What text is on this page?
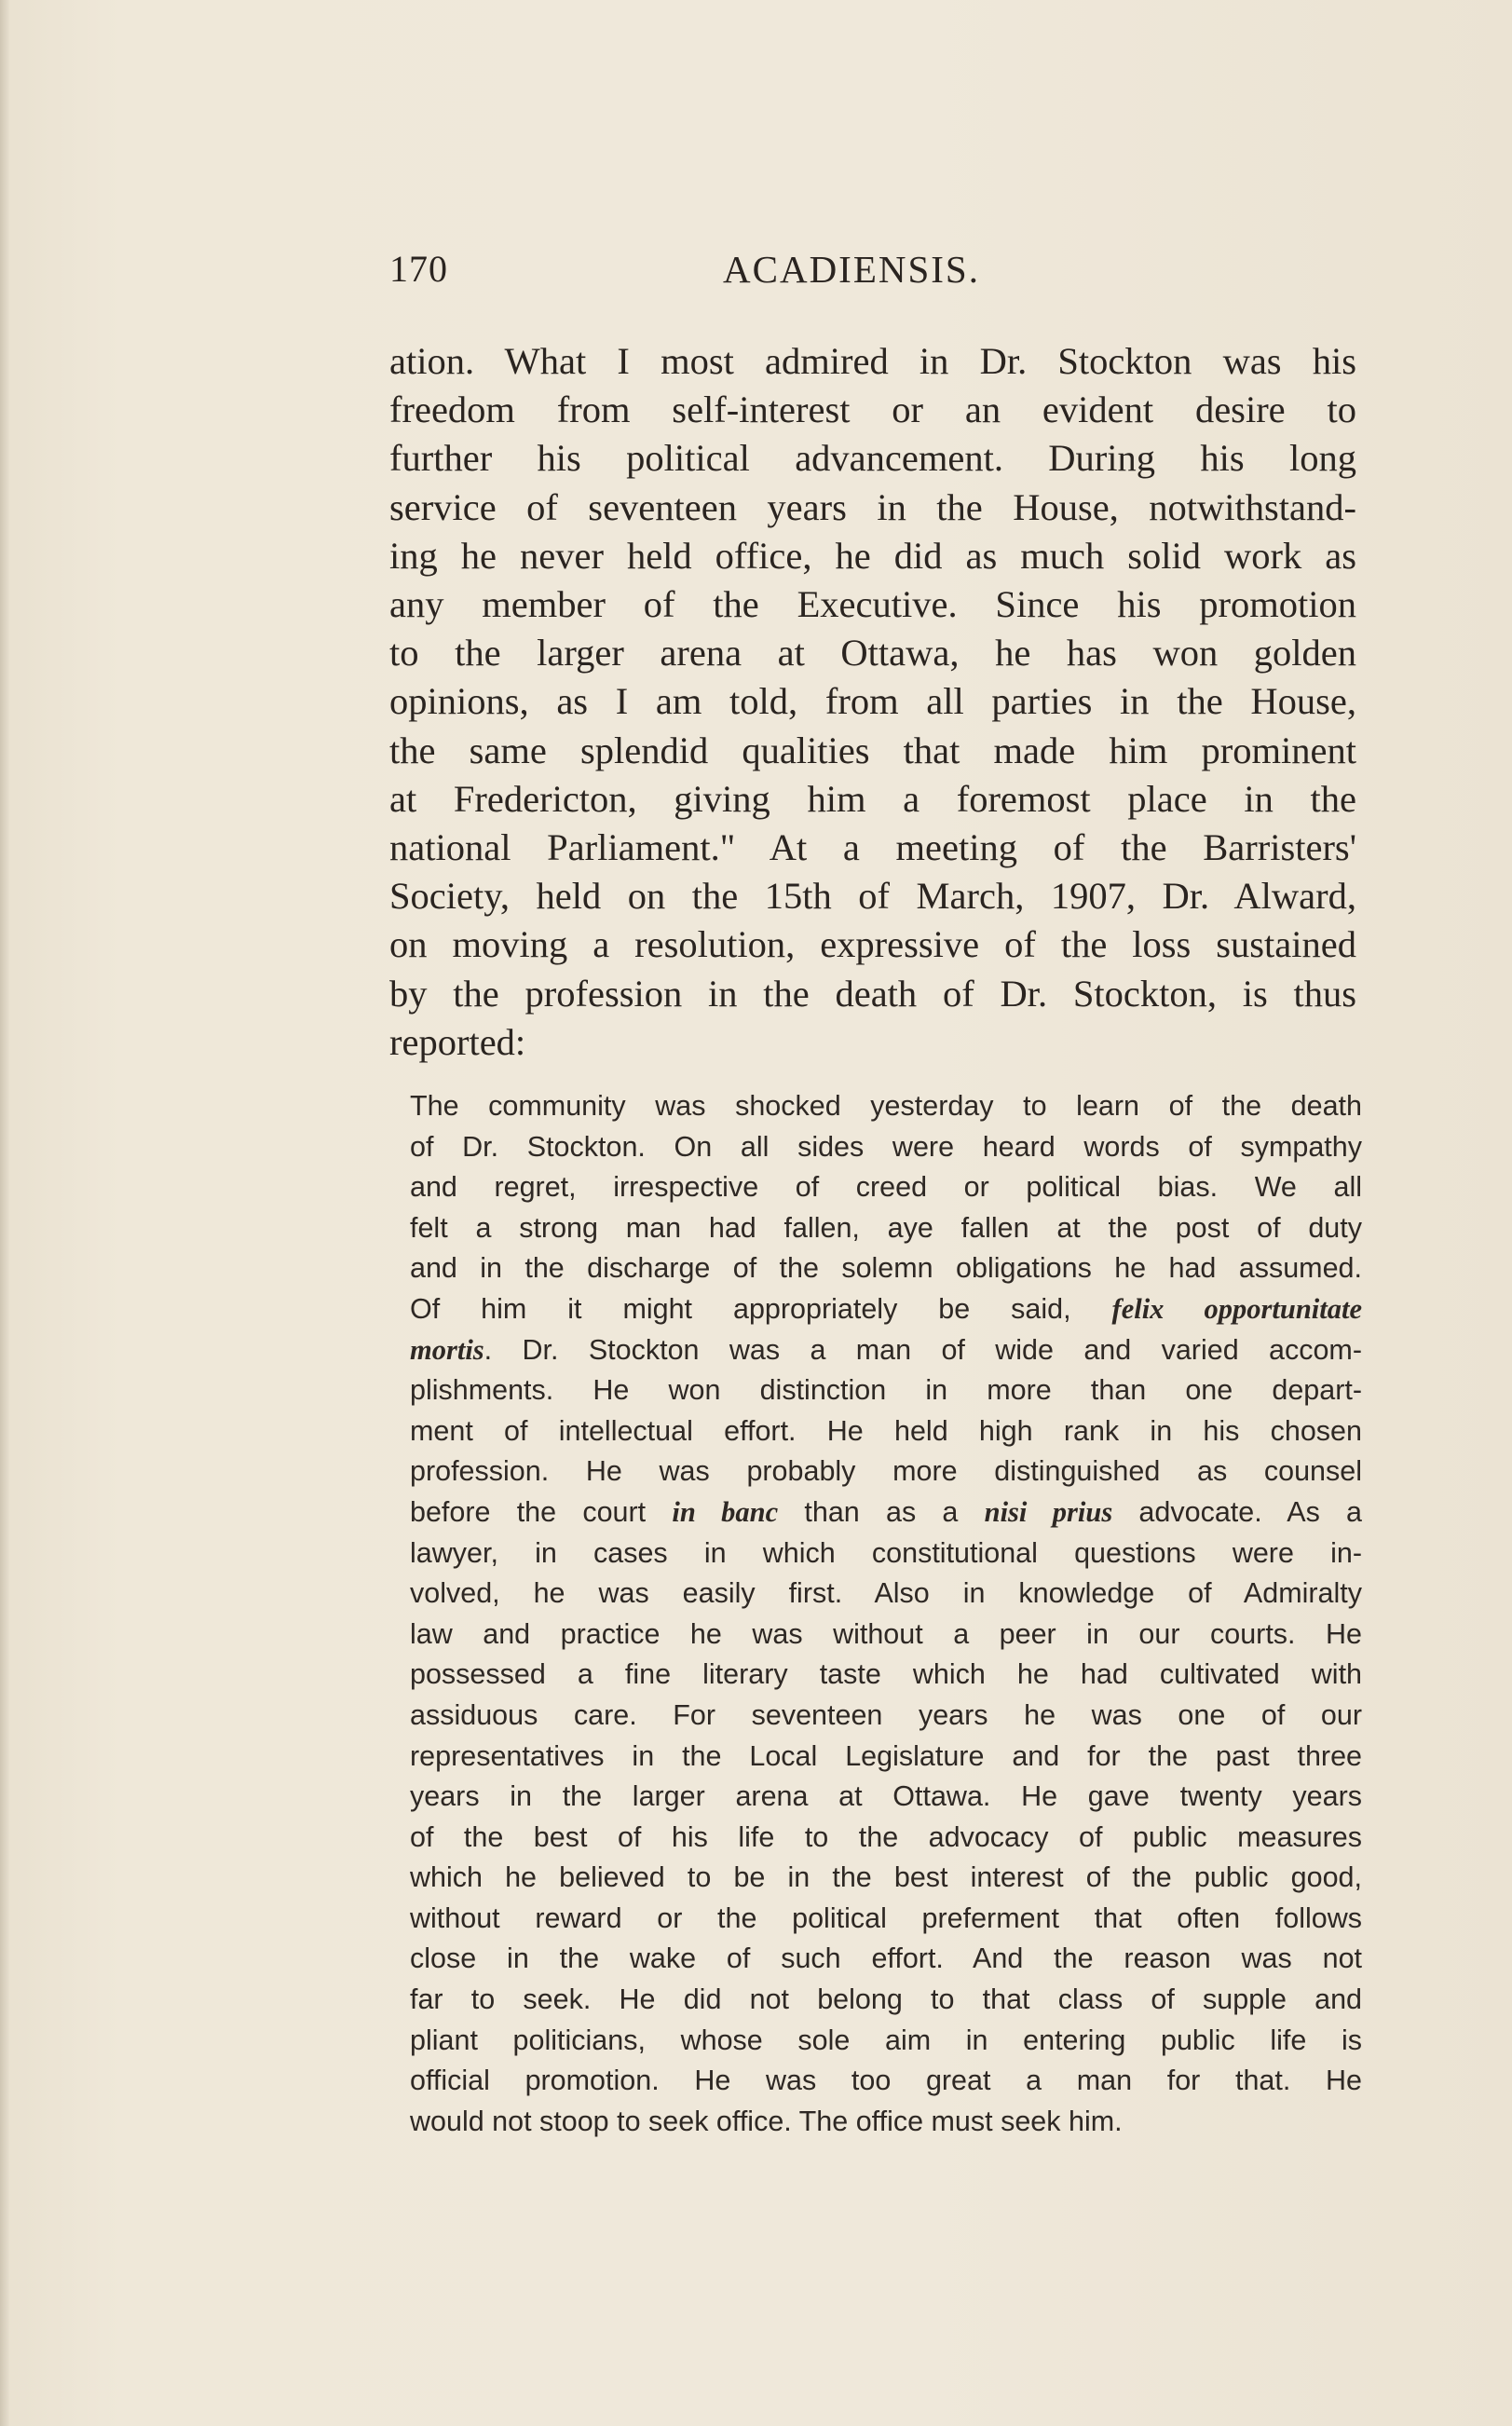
170	ACADIENSIS.
ation. What I most admired in Dr. Stockton was his
freedom from self-interest or an evident desire to
further his political advancement. During his long
service of seventeen years in the House, notwithstand-
ing he never held office, he did as much solid work as
any member of the Executive. Since his promotion
to the larger arena at Ottawa, he has won golden
opinions, as I am told, from all parties in the House,
the same splendid qualities that made him prominent
at Fredericton, giving him a foremost place in the
national Parliament." At a meeting of the Barristers'
Society, held on the 15th of March, 1907, Dr. Alward,
on moving a resolution, expressive of the loss sustained
by the profession in the death of Dr. Stockton, is thus
reported:
The community was shocked yesterday to learn of the death
of Dr. Stockton. On all sides were heard words of sympathy
and regret, irrespective of creed or political bias. We all
felt a strong man had fallen, aye fallen at the post of duty
and in the discharge of the solemn obligations he had assumed.
Of him it might appropriately be said, felix opportunitate
mortis. Dr. Stockton was a man of wide and varied accom-
plishments. He won distinction in more than one depart-
ment of intellectual effort. He held high rank in his chosen
profession. He was probably more distinguished as counsel
before the court in banc than as a nisi prius advocate. As a
lawyer, in cases in which constitutional questions were in-
volved, he was easily first. Also in knowledge of Admiralty
law and practice he was without a peer in our courts. He
possessed a fine literary taste which he had cultivated with
assiduous care. For seventeen years he was one of our
representatives in the Local Legislature and for the past three
years in the larger arena at Ottawa. He gave twenty years
of the best of his life to the advocacy of public measures
which he believed to be in the best interest of the public good,
without reward or the political preferment that often follows
close in the wake of such effort. And the reason was not
far to seek. He did not belong to that class of supple and
pliant politicians, whose sole aim in entering public life is
official promotion. He was too great a man for that. He
would not stoop to seek office. The office must seek him.
